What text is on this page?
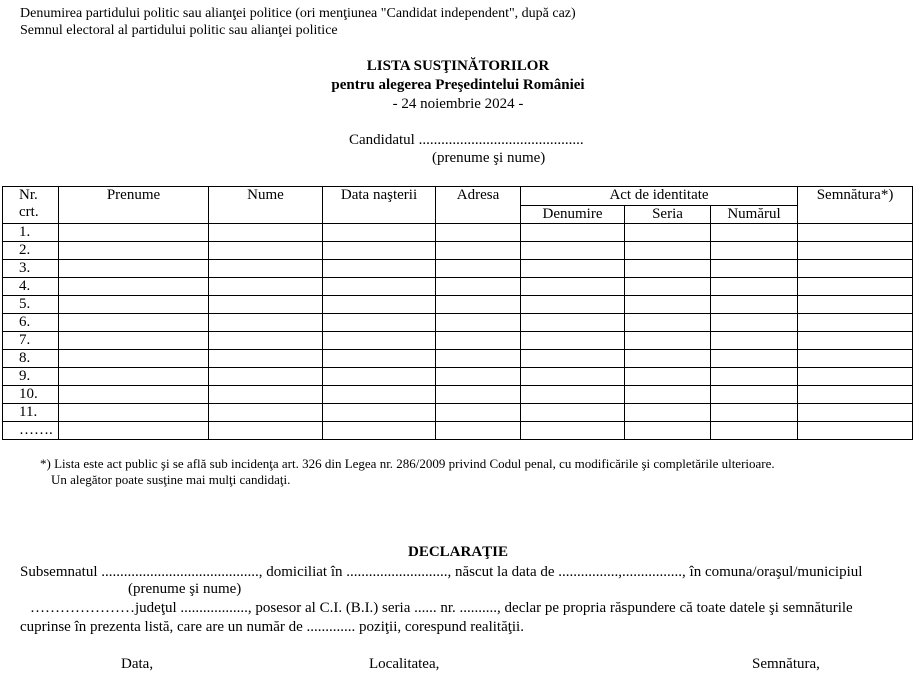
Denumirea partidului politic sau alianţei politice (ori menţiunea "Candidat independent", după caz)
Semnul electoral al partidului politic sau alianţei politice
LISTA SUSŢINĂTORILOR
pentru alegerea Preşedintelui României
- 24 noiembrie 2024 -
Candidatul ............................................
(prenume şi nume)
Nr.
crt.	Prenume	Nume	Data naşterii	Adresa	Act de identitate			Semnătura*)
					Denumire	Seria	Numărul	
1.								
2.								
3.								
4.								
5.								
6.								
7.								
8.								
9.								
10.								
11.								
…….								
*) Lista este act public şi se află sub incidenţa art. 326 din Legea nr. 286/2009 privind Codul penal, cu modificările şi completările ulterioare.
Un alegător poate susţine mai mulţi candidaţi.
DECLARAŢIE
Subsemnatul .........................................., domiciliat în ..........................., născut la data de ................,................, în comuna/oraşul/municipiul
(prenume şi nume)
…………………judeţul .................., posesor al C.I. (B.I.) seria ...... nr. .........., declar pe propria răspundere că toate datele şi semnăturile
cuprinse în prezenta listă, care are un număr de ............. poziţii, corespund realităţii.
Data,	Localitatea,	Semnătura,
